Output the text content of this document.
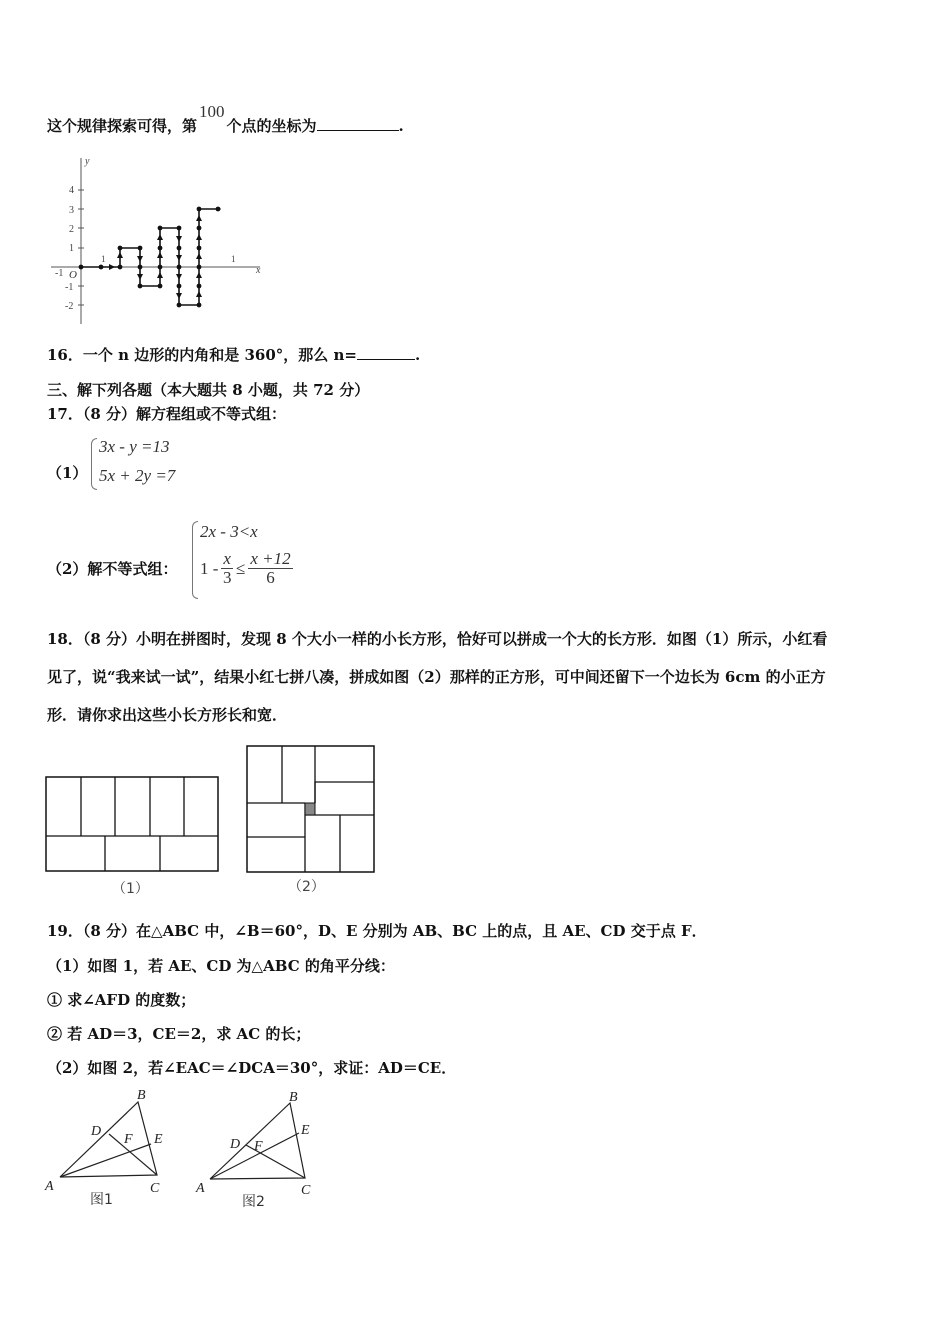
这个规律探索可得，第100个点的坐标为	.
y
x
O
4
3
2
1
-1
-2
-1
1	1
16．一个 n 边形的内角和是 360°，那么 n=	.
三、解下列各题（本大题共 8 小题，共 72 分）
17．（8 分）解方程组或不等式组：
（1）
3x - y =13
5x + 2y =7
（2）解不等式组：
2x - 3<x
$1 - \frac{x}{3} \le \frac{x +12}{6}$
18．（8 分）小明在拼图时，发现 8 个大小一样的小长方形，恰好可以拼成一个大的长方形．如图（1）所示，小红看
见了，说“我来试一试”，结果小红七拼八凑，拼成如图（2）那样的正方形，可中间还留下一个边长为 6cm 的小正方
形．请你求出这些小长方形长和宽．
（1）	（2）
19．（8 分）在△ABC 中，∠B＝60°，D、E 分别为 AB、BC 上的点，且 AE、CD 交于点 F．
（1）如图 1，若 AE、CD 为△ABC 的角平分线：
① 求∠AFD 的度数；
② 若 AD＝3，CE＝2，求 AC 的长；
（2）如图 2，若∠EAC＝∠DCA＝30°，求证：AD＝CE．
A
B
C
D
E
F
图1
A
B
C
D
E
F
图2
